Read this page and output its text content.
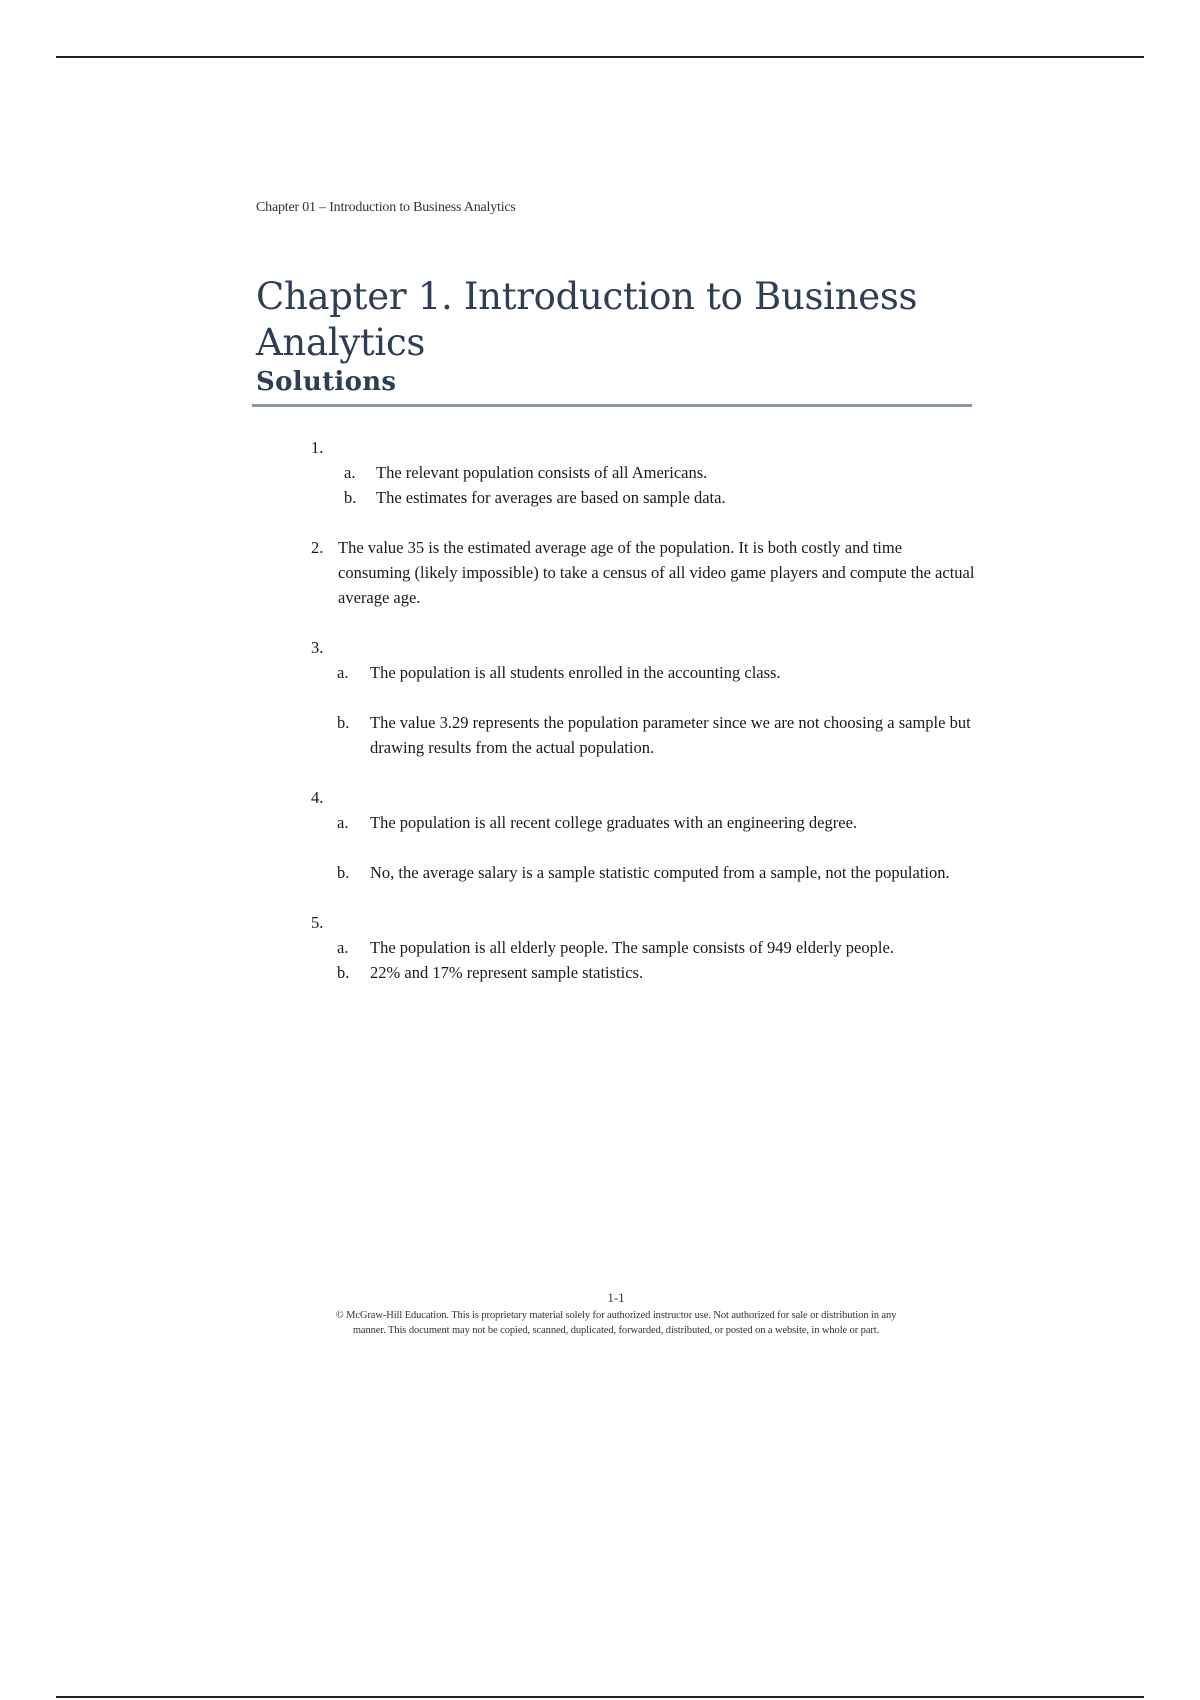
Chapter 01 – Introduction to Business Analytics

Chapter 1. Introduction to Business Analytics
Solutions
1.
a. The relevant population consists of all Americans.
b. The estimates for averages are based on sample data.
2. The value 35 is the estimated average age of the population. It is both costly and time consuming (likely impossible) to take a census of all video game players and compute the actual average age.
3.
a. The population is all students enrolled in the accounting class.
b. The value 3.29 represents the population parameter since we are not choosing a sample but drawing results from the actual population.
4.
a. The population is all recent college graduates with an engineering degree.
b. No, the average salary is a sample statistic computed from a sample, not the population.
5.
a. The population is all elderly people. The sample consists of 949 elderly people.
b. 22% and 17% represent sample statistics.
1-1
© McGraw-Hill Education. This is proprietary material solely for authorized instructor use. Not authorized for sale or distribution in any
manner. This document may not be copied, scanned, duplicated, forwarded, distributed, or posted on a website, in whole or part.
